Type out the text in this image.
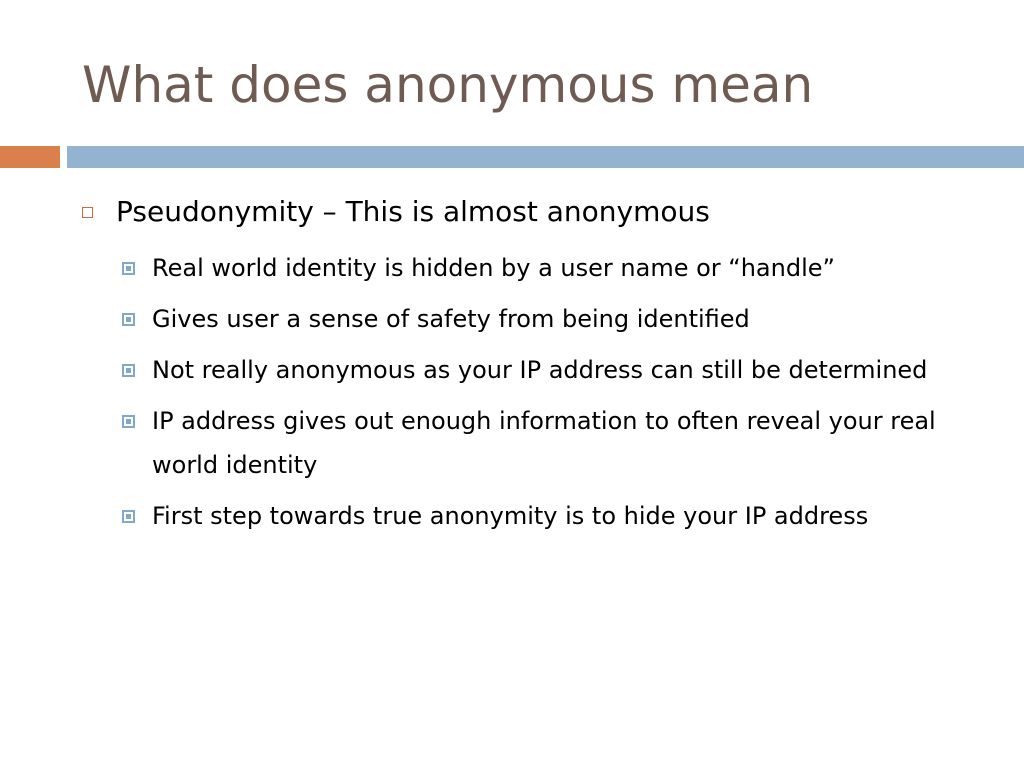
What does anonymous mean
Pseudonymity – This is almost anonymous
Real world identity is hidden by a user name or “handle”
Gives user a sense of safety from being identified
Not really anonymous as your IP address can still be determined
IP address gives out enough information to often reveal your real world identity
First step towards true anonymity is to hide your IP address
